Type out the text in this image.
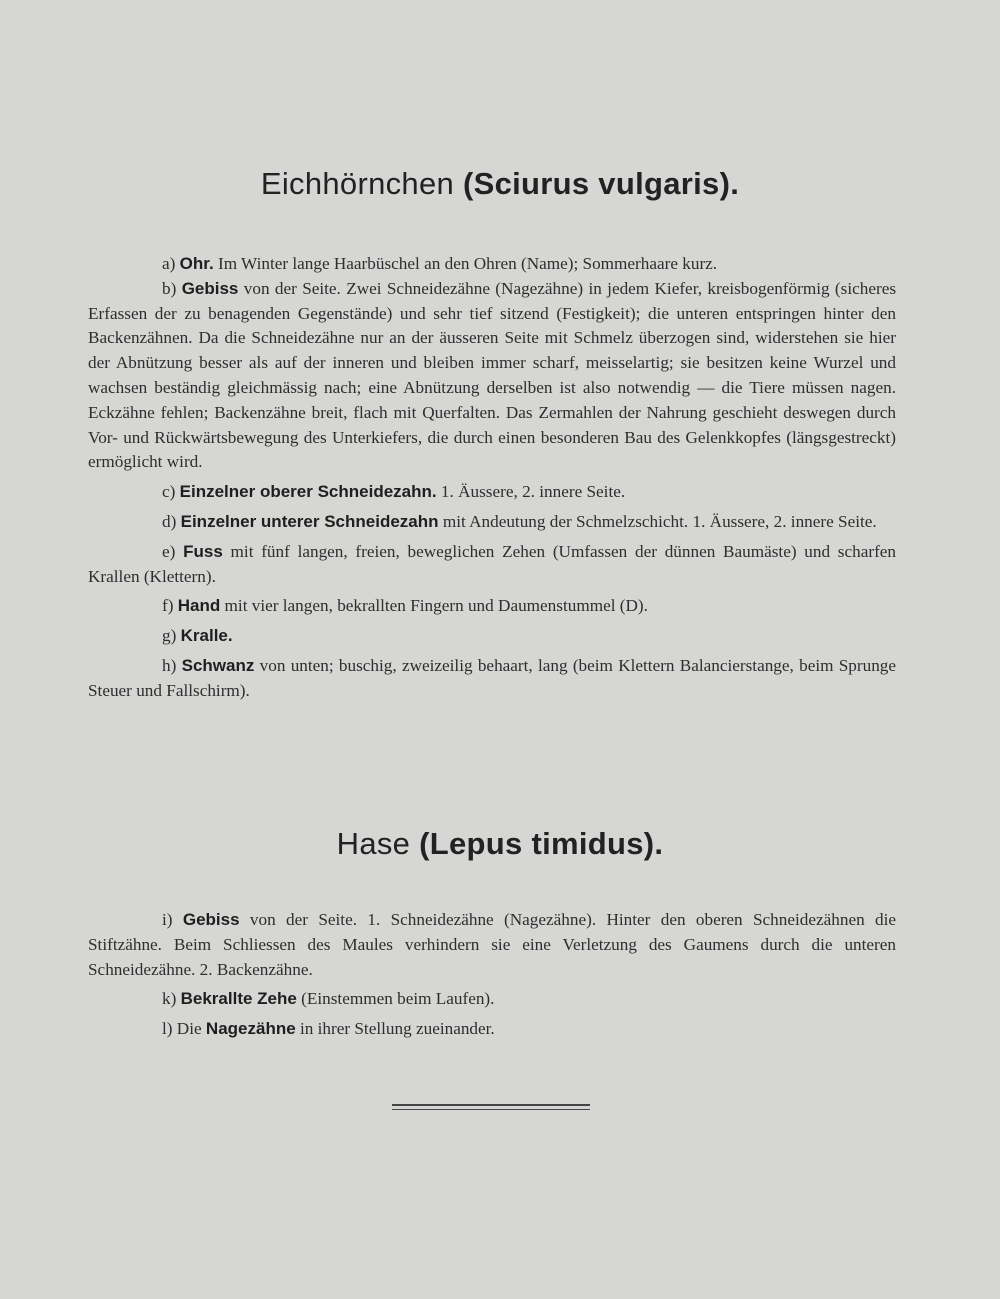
Eichhörnchen (Sciurus vulgaris).

a) Ohr. Im Winter lange Haarbüschel an den Ohren (Name); Sommerhaare kurz.

b) Gebiss von der Seite. Zwei Schneidezähne (Nagezähne) in jedem Kiefer, kreisbogenförmig (sicheres Erfassen der zu benagenden Gegenstände) und sehr tief sitzend (Festigkeit); die unteren entspringen hinter den Backenzähnen. Da die Schneidezähne nur an der äusseren Seite mit Schmelz überzogen sind, widerstehen sie hier der Abnützung besser als auf der inneren und bleiben immer scharf, meisselartig; sie besitzen keine Wurzel und wachsen beständig gleichmässig nach; eine Abnützung derselben ist also notwendig — die Tiere müssen nagen. Eckzähne fehlen; Backenzähne breit, flach mit Querfalten. Das Zermahlen der Nahrung geschieht deswegen durch Vor- und Rückwärtsbewegung des Unterkiefers, die durch einen besonderen Bau des Gelenkkopfes (längsgestreckt) ermöglicht wird.

c) Einzelner oberer Schneidezahn. 1. Äussere, 2. innere Seite.

d) Einzelner unterer Schneidezahn mit Andeutung der Schmelzschicht. 1. Äussere, 2. innere Seite.

e) Fuss mit fünf langen, freien, beweglichen Zehen (Umfassen der dünnen Baumäste) und scharfen Krallen (Klettern).

f) Hand mit vier langen, bekrallten Fingern und Daumenstummel (D).

g) Kralle.

h) Schwanz von unten; buschig, zweizeilig behaart, lang (beim Klettern Balancierstange, beim Sprunge Steuer und Fallschirm).

Hase (Lepus timidus).

i) Gebiss von der Seite. 1. Schneidezähne (Nagezähne). Hinter den oberen Schneidezähnen die Stiftzähne. Beim Schliessen des Maules verhindern sie eine Verletzung des Gaumens durch die unteren Schneidezähne. 2. Backenzähne.

k) Bekrallte Zehe (Einstemmen beim Laufen).

l) Die Nagezähne in ihrer Stellung zueinander.
